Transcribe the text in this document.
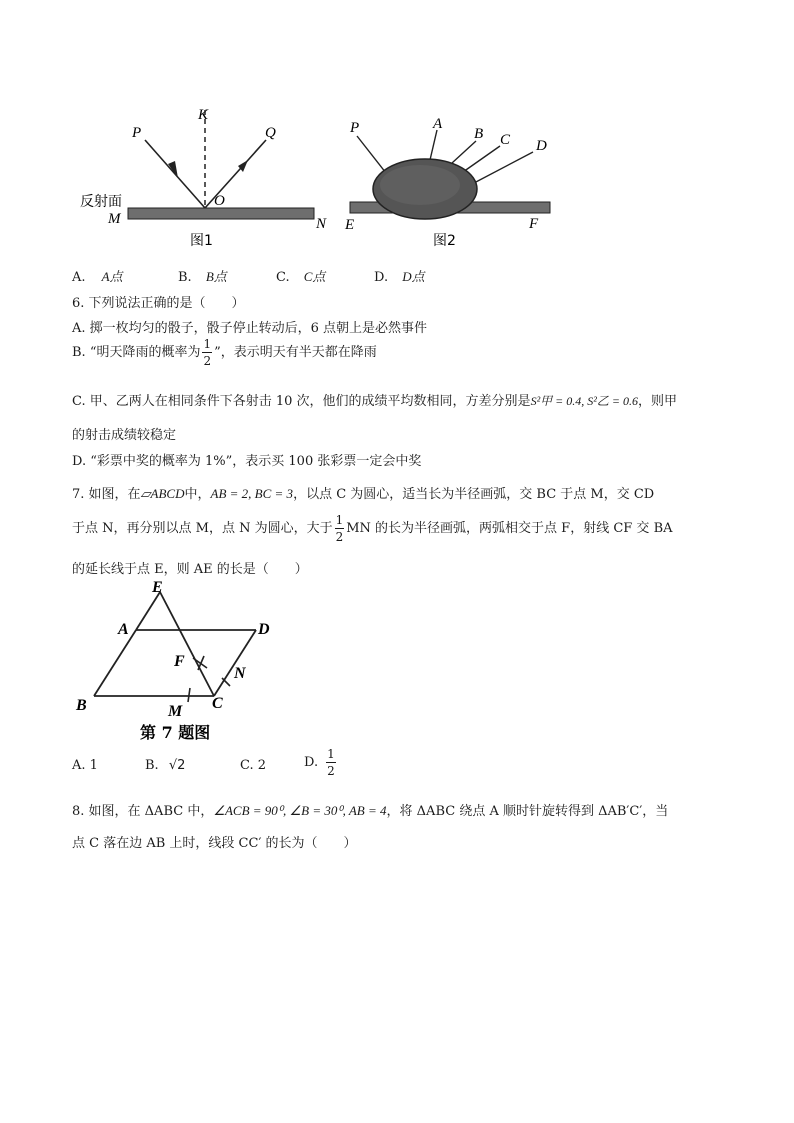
P
K
Q
O
反射面
M	N
图1
P	A
B C D
E	F
图2
A. A点	B. B点	C. C点	D. D点
6. 下列说法正确的是（　　）
A. 掷一枚均匀的骰子，骰子停止转动后，6 点朝上是必然事件
B. “明天降雨的概率为 $\frac{1}{2}$ ”，表示明天有半天都在降雨
C. 甲、乙两人在相同条件下各射击 10 次，他们的成绩平均数相同，方差分别是S²甲 = 0.4, S²乙 = 0.6，则甲
的射击成绩较稳定
D. “彩票中奖的概率为 1%”，表示买 100 张彩票一定会中奖
7. 如图，在▱ABCD中，AB = 2, BC = 3，以点 C 为圆心，适当长为半径画弧，交 BC 于点 M，交 CD
于点 N，再分别以点 M，点 N 为圆心，大于 $\frac{1}{2}$ MN 的长为半径画弧，两弧相交于点 F，射线 CF 交 BA
的延长线于点 E，则 AE 的长是（　　）
E
A	D
F
N
B	M C
第 7 题图
A. 1	B. √2	C. 2	D. $\frac{1}{2}$
8. 如图，在 ΔABC 中，∠ACB = 90⁰, ∠B = 30⁰, AB = 4，将 ΔABC 绕点 A 顺时针旋转得到 ΔAB′C′，当
点 C 落在边 AB 上时，线段 CC′ 的长为（　　）
